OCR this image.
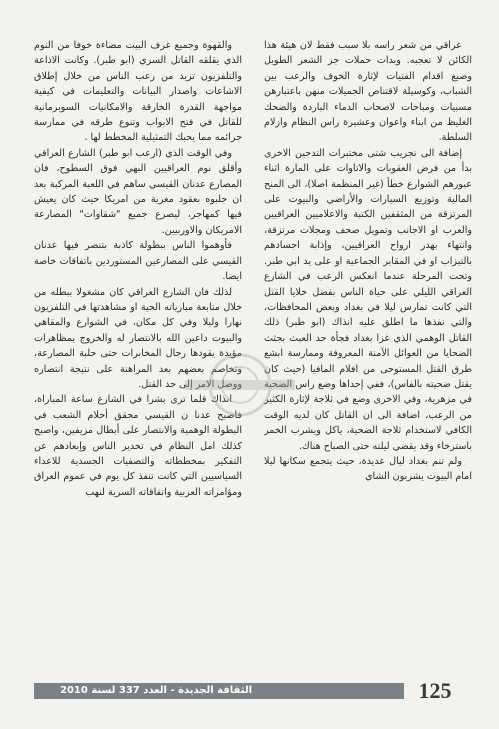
والقهوة وجميع غرف البيت مضاءة خوفا من النوم الذي يقلقه القاتل السري (ابو طبر). وكانت الاذاعة والتلفزيون تزيد من رعب الناس من خلال إطلاق الاشاعات واصدار البيانات والتعليمات في كيفية مواجهة القدرة الخارقة والامكانيات السوبرمانية للقاتل في فتح الابواب وتنوع طرقه في ممارسة جرائمه مما يحبك التمثيلية المخطط لها .

وفي الوقت الذي (ارعب ابو طبر) الشارع العراقي وأقلق نوم العراقيين البهي فوق السطوح، فان المصارع عدنان القيسي ساهم في اللعبة المركبة بعد ان جلبوه بعقود مغرية من امريكا حيث كان يعيش فيها كمهاجر، ليصرع جميع "شقاوات" المصارعة الامريكان والاوربيين.

فأوهموا الناس ببطولة كاذبة بتنصر فيها عدنان القيسي على المصارعين المستوردين باتفاقات خاصة ايضا.

لذلك فان الشارع العراقي كان مشغولا ببطله من خلال متابعة مبارياته الحية او مشاهدتها في التلفزيون نهارا وليلا وفي كل مكان، في الشوارع والمقاهي والبيوت داعين الله بالانتصار له والخروج بمظاهرات مؤيدة يقودها رجال المخابرات حتى حلبة المصارعة، وتخاصم بعضهم بعد المراهنة على نتيجة انتصاره ووصل الامر إلى حد القتل.

انذاك قلما ترى بشرا في الشارع ساعة المباراة، فاصبح عدنا ن القيسي محقق أحلام الشعب في البطولة الوهمية والانتصار على أبطال مزيفين، واصبح كذلك امل النظام في تخدير الناس وإبعادهم عن التفكير بمخططاته والتصفيات الجسدية للاعداء السياسيين التي كانت تنفذ كل يوم في عموم العراق ومؤامراته العربية واتفاقاته السرية لنهب

عراقي من شعر راسه بلا سبب فقط لان هيئة هذا الكائن لا تعجبه. وبدات حملات جز الشعر الطويل وصبغ اقدام الفتيات لإثارة الخوف والرعب بين الشباب، وكوسيلة لاقتناص الجميلات منهن باعتبارهن مسبيات ومباحات لاصحاب الدماء الباردة والضحك الغليظ من ابناء واعوان وعشيرة راس النظام وازلام السلطة.

إضافة الى تجريب شتى مختبرات التدجين الاخرى بدأ من فرض العقوبات والاتاوات على المارة اثناء عبورهم الشوارع خطأ (غير المنظمة اصلا)، الى المنح المالية وتوزيع السيارات والأراضي والبيوت على المرتزقة من المثقفين الكتبة والاعلاميين العراقيين والعرب او الاجانب وتمويل صحف ومجلات مرتزقة، وانتهاء بهدر ارواح العراقيين، وإذابة اجسادهم بالتيزاب او في المقابر الجماعية او على يد ابي طبر. وتحت المرحلة عندما انعكس الرعب في الشارع العراقي الليلي على حياة الناس بفضل خلايا القتل التي كانت تمارس ليلا في بغداد وبعض المحافظات، والتي نفذها ما اطلق عليه انذاك (ابو طبر) ذلك القاتل الوهمي الذي غزا بغداد فجأة حد العبث بجثث الضحايا من العوائل الآمنة المعروفة وممارسة ابشع طرق القتل المستوحى من افلام المافيا (حيث كان يقتل ضحيته بالفاس)، ففي إحداها وضع راس الضحية في مزهرية، وفي الاخرى وضع في ثلاجة لإثارة الكثير من الرعب، اضافة الى ان القاتل كان لديه الوقت الكافي لاستخدام ثلاجة الضحية، ياكل ويشرب الخمر باسترخاء وقد يقضي ليلته حتى الصباح هناك.

ولم تنم بغداد ليال عديدة، حيث يتجمع سكانها ليلا امام البيوت يشربون الشاي

الثقافة الجديدة - العدد 337 لسنة 2010	125
